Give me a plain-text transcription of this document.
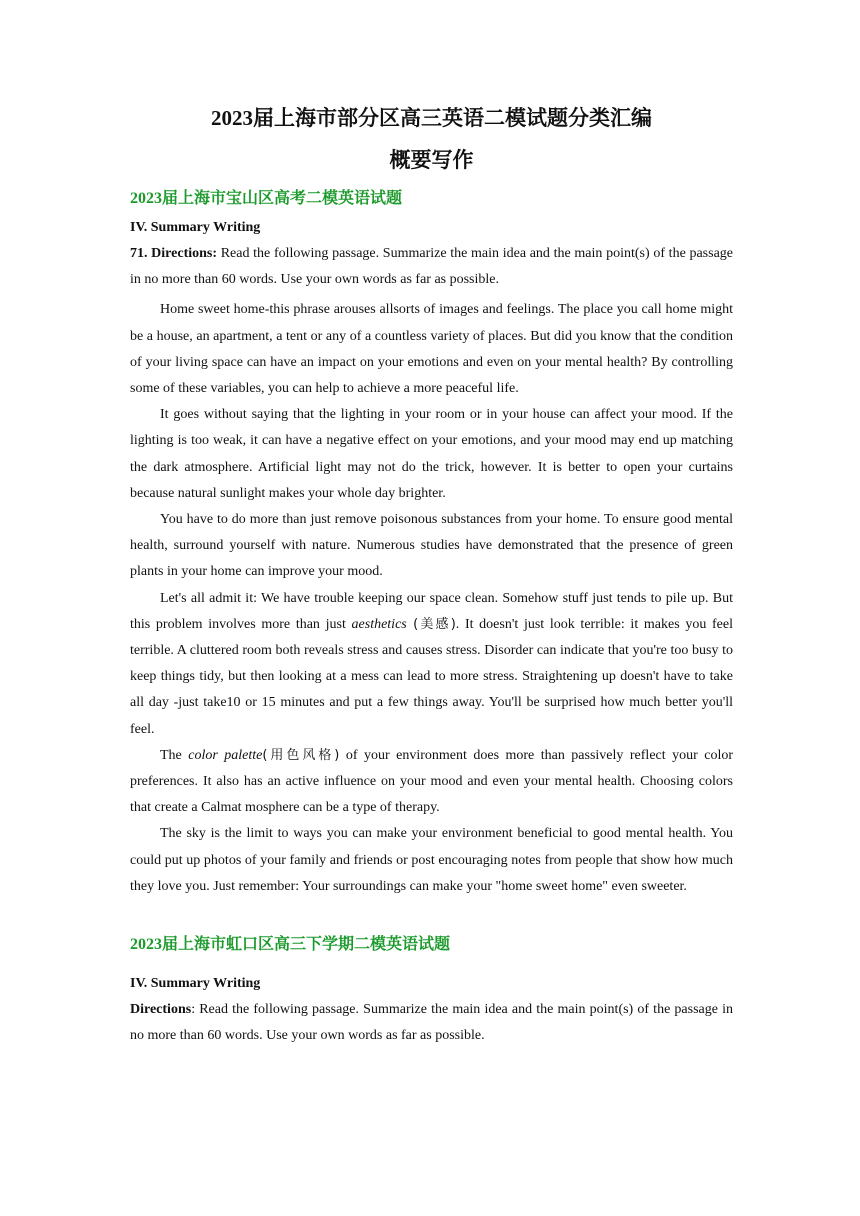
2023届上海市部分区高三英语二模试题分类汇编
概要写作
2023届上海市宝山区高考二模英语试题
IV. Summary Writing

71. Directions: Read the following passage. Summarize the main idea and the main point(s) of the passage in no more than 60 words. Use your own words as far as possible.

Home sweet home-this phrase arouses allsorts of images and feelings. The place you call home might be a house, an apartment, a tent or any of a countless variety of places. But did you know that the condition of your living space can have an impact on your emotions and even on your mental health? By controlling some of these variables, you can help to achieve a more peaceful life.

It goes without saying that the lighting in your room or in your house can affect your mood. If the lighting is too weak, it can have a negative effect on your emotions, and your mood may end up matching the dark atmosphere. Artificial light may not do the trick, however. It is better to open your curtains because natural sunlight makes your whole day brighter.

You have to do more than just remove poisonous substances from your home. To ensure good mental health, surround yourself with nature. Numerous studies have demonstrated that the presence of green plants in your home can improve your mood.

Let's all admit it: We have trouble keeping our space clean. Somehow stuff just tends to pile up. But this problem involves more than just aesthetics (美感). It doesn't just look terrible: it makes you feel terrible. A cluttered room both reveals stress and causes stress. Disorder can indicate that you're too busy to keep things tidy, but then looking at a mess can lead to more stress. Straightening up doesn't have to take all day -just take10 or 15 minutes and put a few things away. You'll be surprised how much better you'll feel.

The color palette(用色风格) of your environment does more than passively reflect your color preferences. It also has an active influence on your mood and even your mental health. Choosing colors that create a Calmat mosphere can be a type of therapy.

The sky is the limit to ways you can make your environment beneficial to good mental health. You could put up photos of your family and friends or post encouraging notes from people that show how much they love you. Just remember: Your surroundings can make your "home sweet home" even sweeter.

2023届上海市虹口区高三下学期二模英语试题
IV. Summary Writing

Directions: Read the following passage. Summarize the main idea and the main point(s) of the passage in no more than 60 words. Use your own words as far as possible.
